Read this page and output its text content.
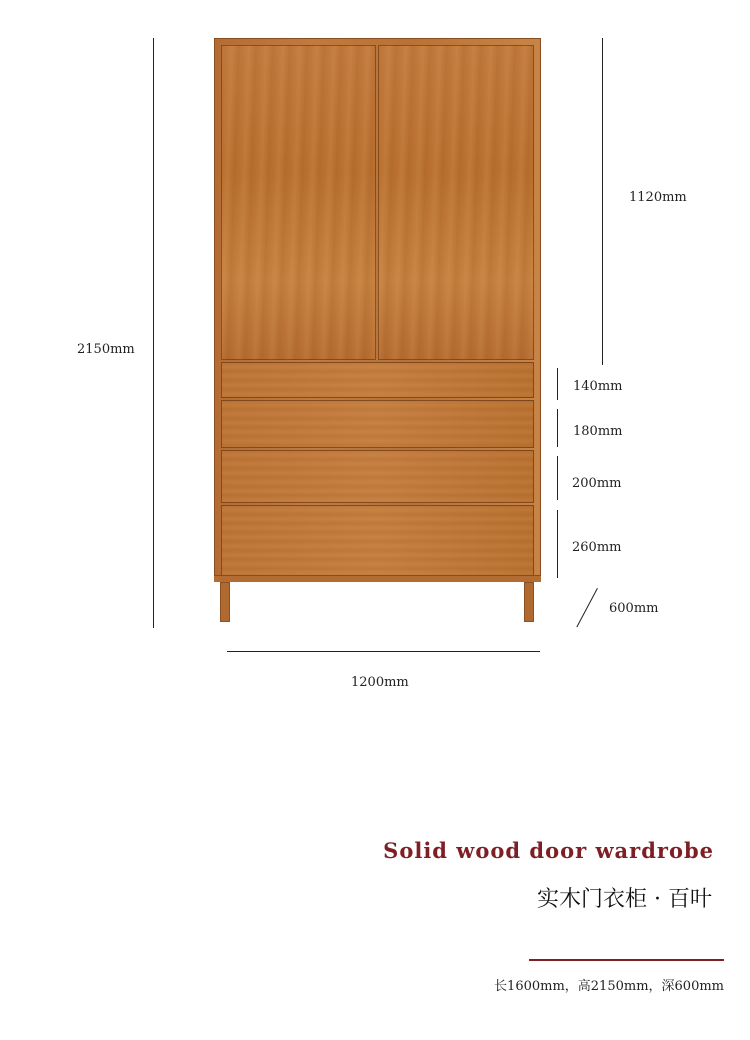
2150mm
1120mm
140mm
180mm
200mm
260mm
600mm
1200mm
Solid wood door wardrobe
实木门衣柜 · 百叶
长1600mm，高2150mm，深600mm
